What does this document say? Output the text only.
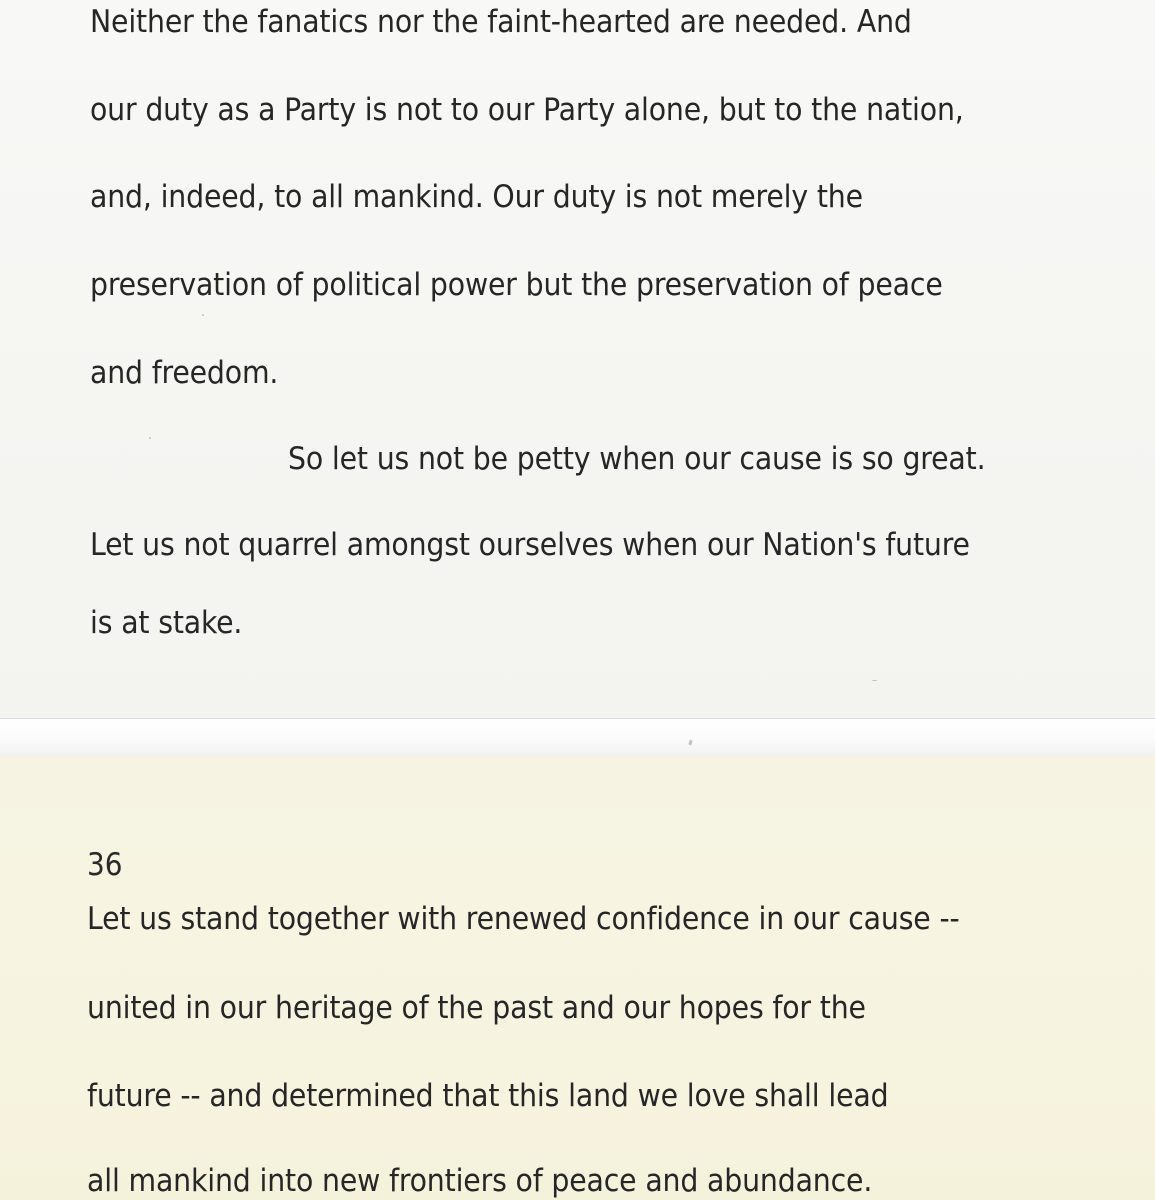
Neither the fanatics nor the faint-hearted are needed. And

our duty as a Party is not to our Party alone, but to the nation,

and, indeed, to all mankind. Our duty is not merely the

preservation of political power but the preservation of peace

and freedom.

So let us not be petty when our cause is so great.

Let us not quarrel amongst ourselves when our Nation's future

is at stake.

36

Let us stand together with renewed confidence in our cause --

united in our heritage of the past and our hopes for the

future -- and determined that this land we love shall lead

all mankind into new frontiers of peace and abundance.
